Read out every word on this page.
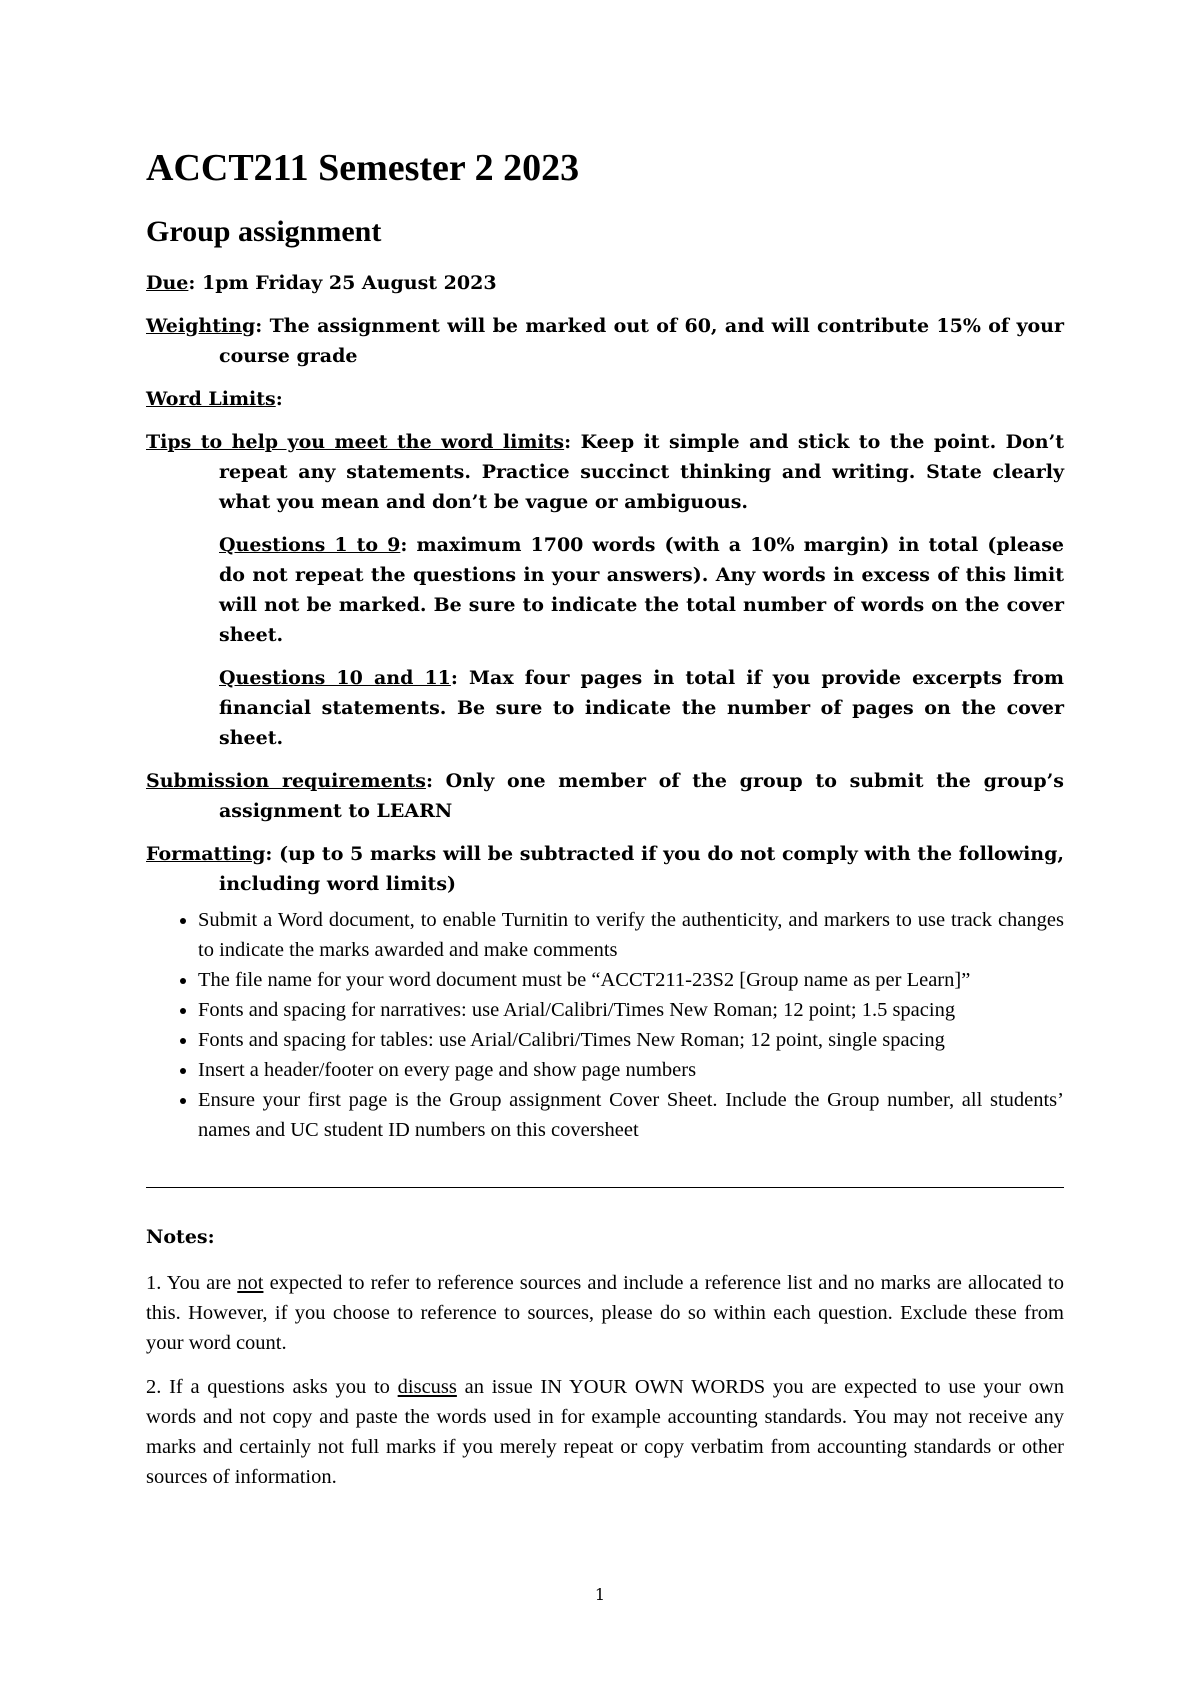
ACCT211 Semester 2 2023
Group assignment

Due: 1pm Friday 25 August 2023

Weighting: The assignment will be marked out of 60, and will contribute 15% of your course grade

Word Limits:

Tips to help you meet the word limits: Keep it simple and stick to the point. Don’t repeat any statements. Practice succinct thinking and writing. State clearly what you mean and don’t be vague or ambiguous.

Questions 1 to 9: maximum 1700 words (with a 10% margin) in total (please do not repeat the questions in your answers). Any words in excess of this limit will not be marked. Be sure to indicate the total number of words on the cover sheet.

Questions 10 and 11: Max four pages in total if you provide excerpts from financial statements. Be sure to indicate the number of pages on the cover sheet.

Submission requirements: Only one member of the group to submit the group’s assignment to LEARN

Formatting: (up to 5 marks will be subtracted if you do not comply with the following, including word limits)

• Submit a Word document, to enable Turnitin to verify the authenticity, and markers to use track changes to indicate the marks awarded and make comments
• The file name for your word document must be “ACCT211-23S2 [Group name as per Learn]”
• Fonts and spacing for narratives: use Arial/Calibri/Times New Roman; 12 point; 1.5 spacing
• Fonts and spacing for tables: use Arial/Calibri/Times New Roman; 12 point, single spacing
• Insert a header/footer on every page and show page numbers
• Ensure your first page is the Group assignment Cover Sheet. Include the Group number, all students’ names and UC student ID numbers on this coversheet

Notes:

1. You are not expected to refer to reference sources and include a reference list and no marks are allocated to this. However, if you choose to reference to sources, please do so within each question. Exclude these from your word count.

2. If a questions asks you to discuss an issue IN YOUR OWN WORDS you are expected to use your own words and not copy and paste the words used in for example accounting standards. You may not receive any marks and certainly not full marks if you merely repeat or copy verbatim from accounting standards or other sources of information.

1
